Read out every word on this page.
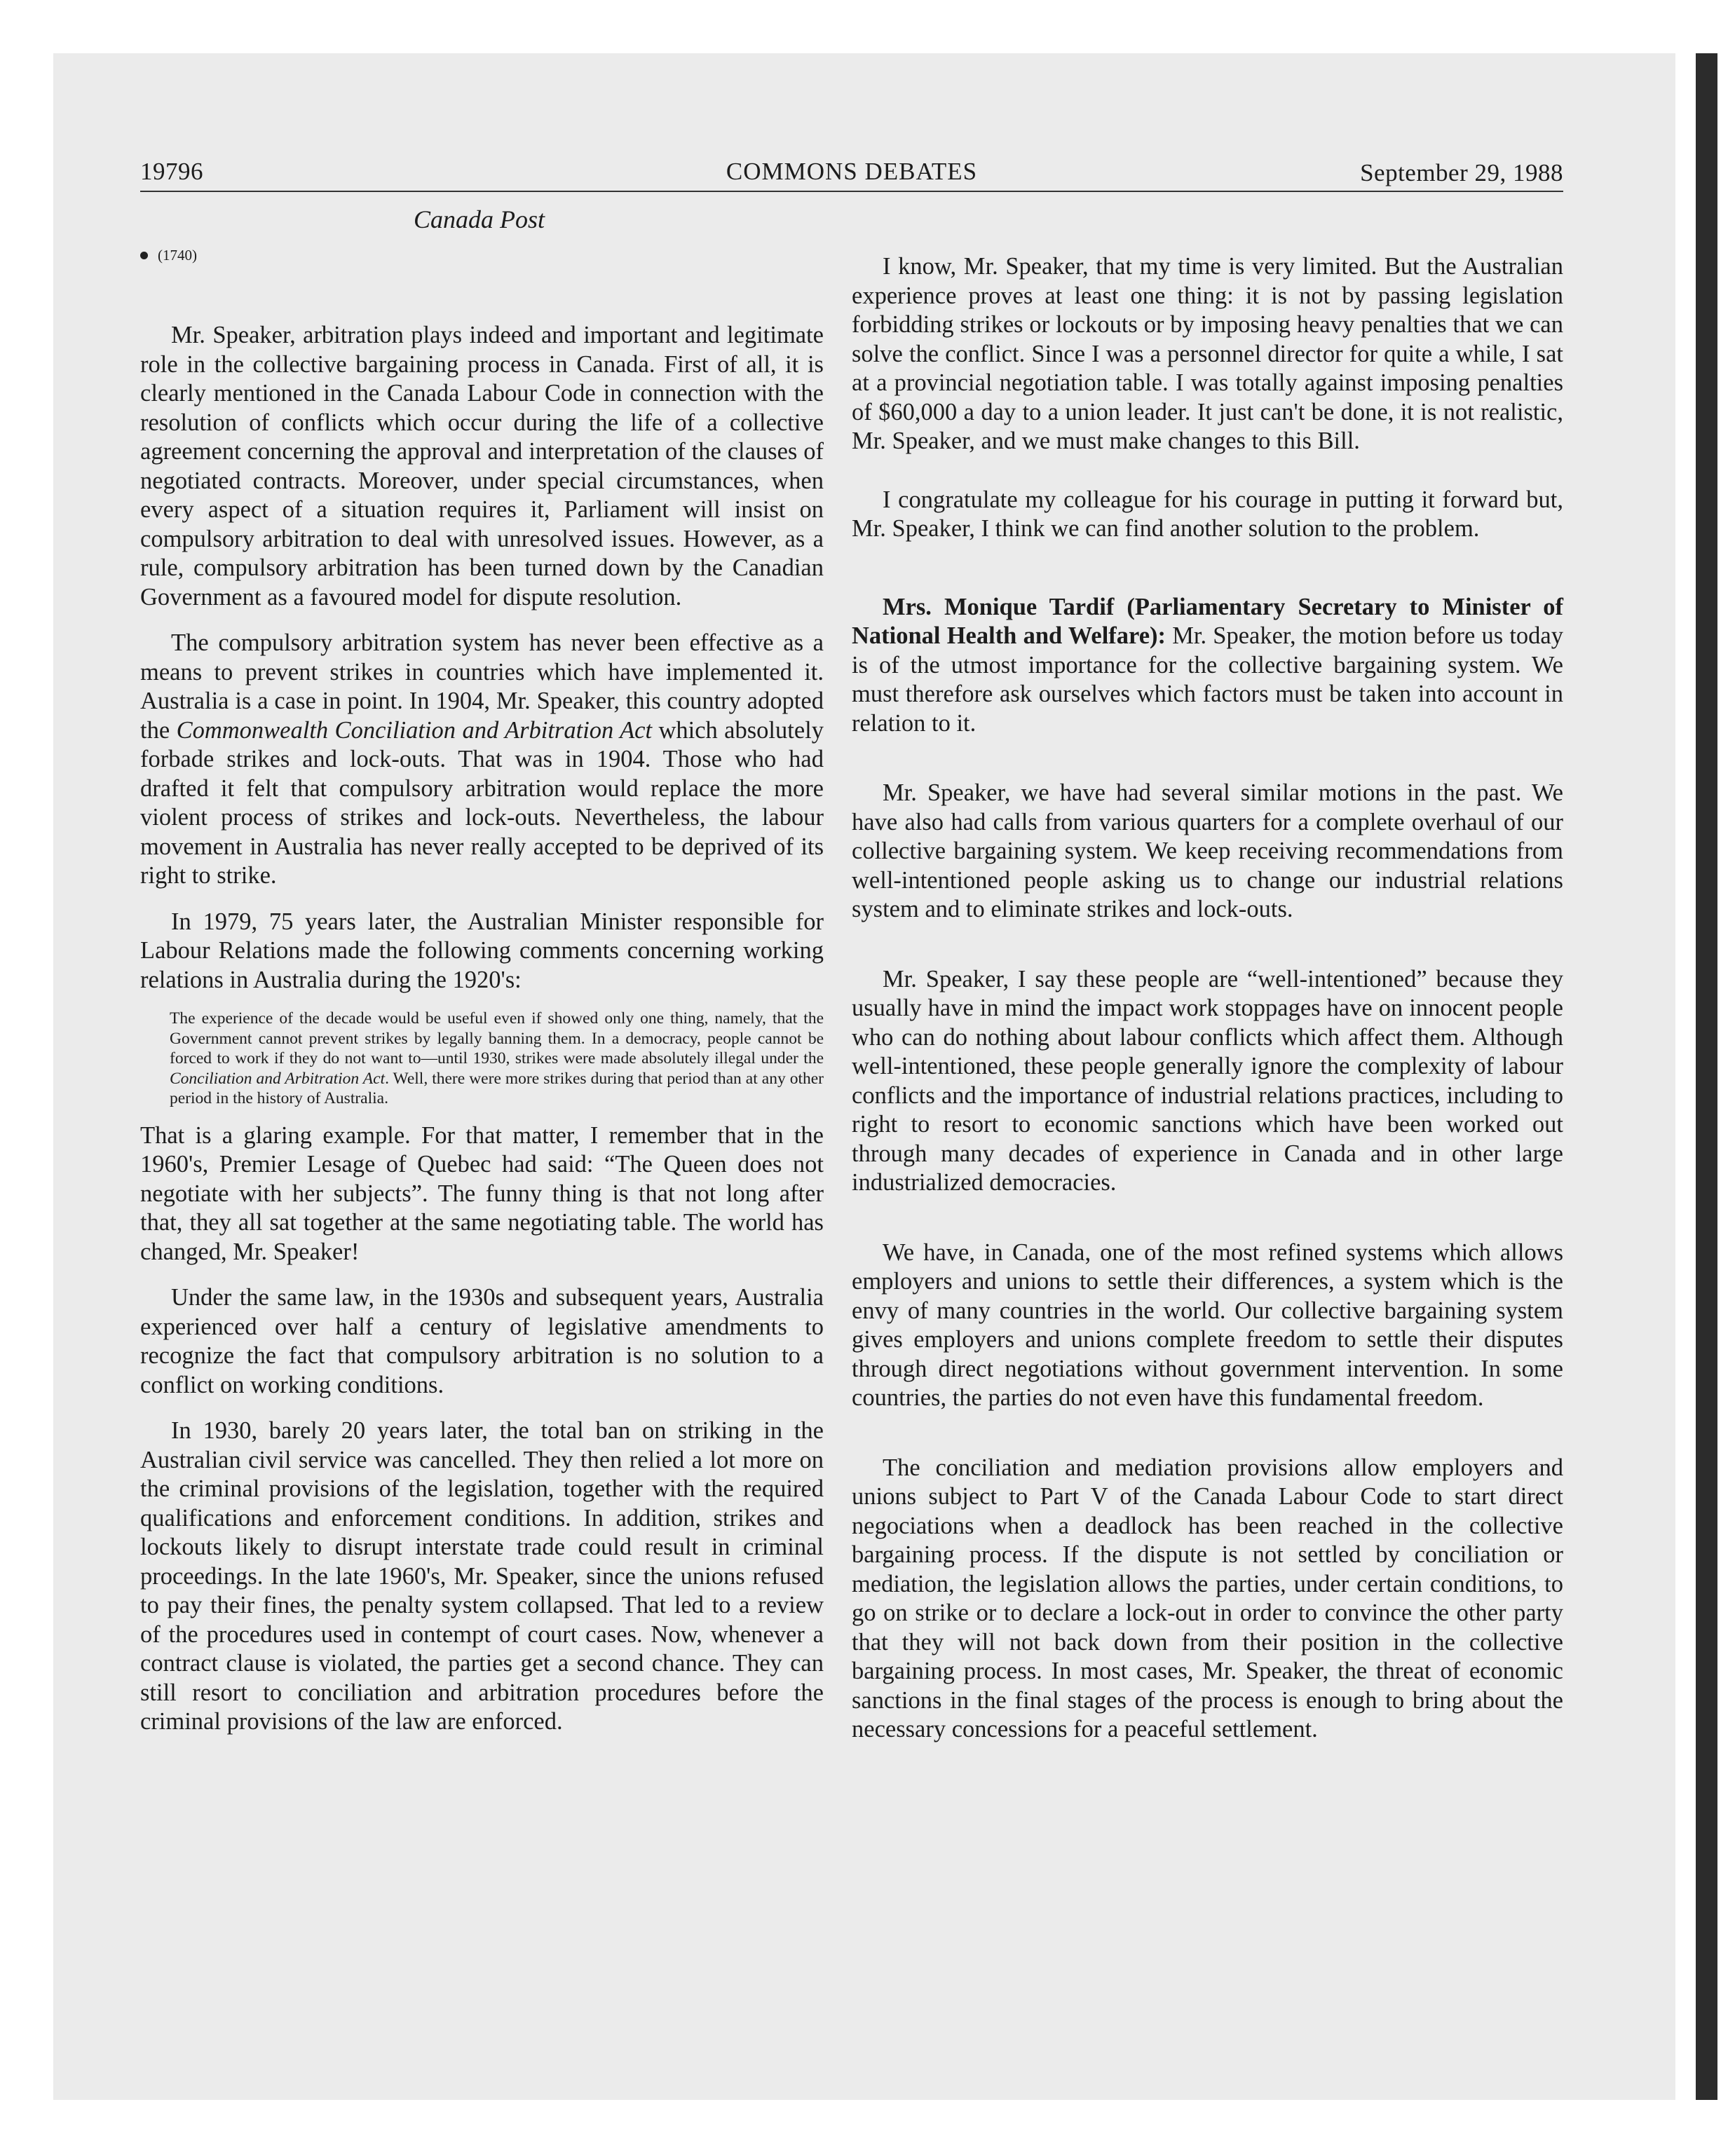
19796	COMMONS DEBATES	September 29, 1988
Canada Post
(1740)

Mr. Speaker, arbitration plays indeed and important and legitimate role in the collective bargaining process in Canada. First of all, it is clearly mentioned in the Canada Labour Code in connection with the resolution of conflicts which occur during the life of a collective agreement concerning the approval and interpretation of the clauses of negotiated contracts. Moreover, under special circumstances, when every aspect of a situation requires it, Parliament will insist on compulsory arbitration to deal with unresolved issues. However, as a rule, compulsory arbitration has been turned down by the Canadian Government as a favoured model for dispute resolution.

The compulsory arbitration system has never been effective as a means to prevent strikes in countries which have implemented it. Australia is a case in point. In 1904, Mr. Speaker, this country adopted the Commonwealth Conciliation and Arbitration Act which absolutely forbade strikes and lock-outs. That was in 1904. Those who had drafted it felt that compulsory arbitration would replace the more violent process of strikes and lock-outs. Nevertheless, the labour movement in Australia has never really accepted to be deprived of its right to strike.

In 1979, 75 years later, the Australian Minister responsible for Labour Relations made the following comments concerning working relations in Australia during the 1920's:

The experience of the decade would be useful even if showed only one thing, namely, that the Government cannot prevent strikes by legally banning them. In a democracy, people cannot be forced to work if they do not want to—until 1930, strikes were made absolutely illegal under the Conciliation and Arbitration Act. Well, there were more strikes during that period than at any other period in the history of Australia.

That is a glaring example. For that matter, I remember that in the 1960's, Premier Lesage of Quebec had said: “The Queen does not negotiate with her subjects”. The funny thing is that not long after that, they all sat together at the same negotiating table. The world has changed, Mr. Speaker!

Under the same law, in the 1930s and subsequent years, Australia experienced over half a century of legislative amendments to recognize the fact that compulsory arbitration is no solution to a conflict on working conditions.

In 1930, barely 20 years later, the total ban on striking in the Australian civil service was cancelled. They then relied a lot more on the criminal provisions of the legislation, together with the required qualifications and enforcement conditions. In addition, strikes and lockouts likely to disrupt interstate trade could result in criminal proceedings. In the late 1960's, Mr. Speaker, since the unions refused to pay their fines, the penalty system collapsed. That led to a review of the procedures used in contempt of court cases. Now, whenever a contract clause is violated, the parties get a second chance. They can still resort to conciliation and arbitration procedures before the criminal provisions of the law are enforced.

I know, Mr. Speaker, that my time is very limited. But the Australian experience proves at least one thing: it is not by passing legislation forbidding strikes or lockouts or by imposing heavy penalties that we can solve the conflict. Since I was a personnel director for quite a while, I sat at a provincial negotiation table. I was totally against imposing penalties of $60,000 a day to a union leader. It just can't be done, it is not realistic, Mr. Speaker, and we must make changes to this Bill.

I congratulate my colleague for his courage in putting it forward but, Mr. Speaker, I think we can find another solution to the problem.

Mrs. Monique Tardif (Parliamentary Secretary to Minister of National Health and Welfare): Mr. Speaker, the motion before us today is of the utmost importance for the collective bargaining system. We must therefore ask ourselves which factors must be taken into account in relation to it.

Mr. Speaker, we have had several similar motions in the past. We have also had calls from various quarters for a complete overhaul of our collective bargaining system. We keep receiving recommendations from well-intentioned people asking us to change our industrial relations system and to eliminate strikes and lock-outs.

Mr. Speaker, I say these people are “well-intentioned” because they usually have in mind the impact work stoppages have on innocent people who can do nothing about labour conflicts which affect them. Although well-intentioned, these people generally ignore the complexity of labour conflicts and the importance of industrial relations practices, including to right to resort to economic sanctions which have been worked out through many decades of experience in Canada and in other large industrialized democracies.

We have, in Canada, one of the most refined systems which allows employers and unions to settle their differences, a system which is the envy of many countries in the world. Our collective bargaining system gives employers and unions complete freedom to settle their disputes through direct negotiations without government intervention. In some countries, the parties do not even have this fundamental freedom.

The conciliation and mediation provisions allow employers and unions subject to Part V of the Canada Labour Code to start direct negociations when a deadlock has been reached in the collective bargaining process. If the dispute is not settled by conciliation or mediation, the legislation allows the parties, under certain conditions, to go on strike or to declare a lock-out in order to convince the other party that they will not back down from their position in the collective bargaining process. In most cases, Mr. Speaker, the threat of economic sanctions in the final stages of the process is enough to bring about the necessary concessions for a peaceful settlement.
